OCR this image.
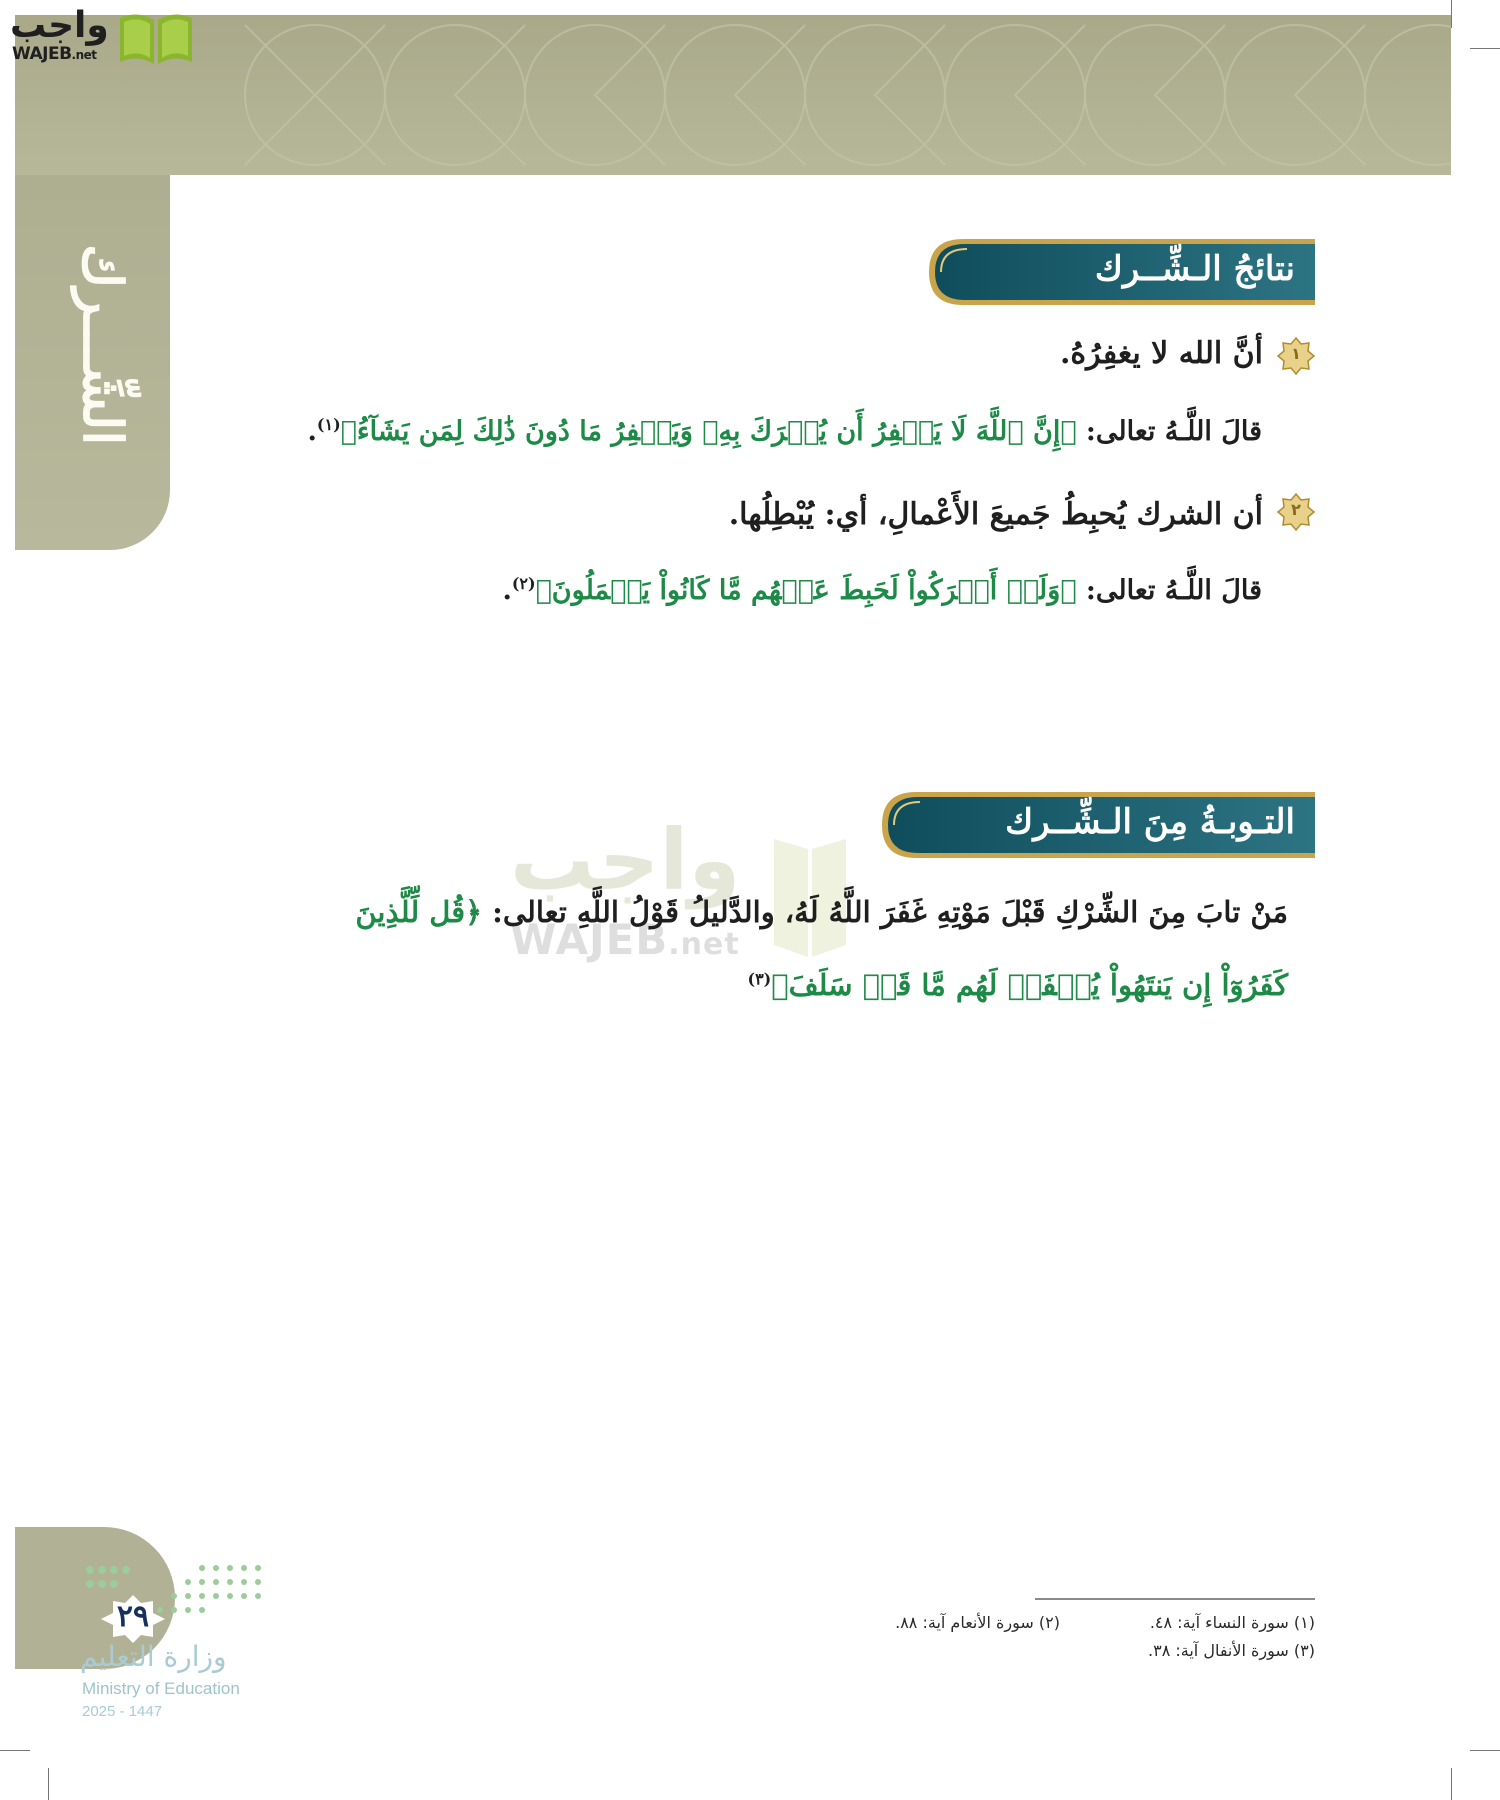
الشِّـــرك
واجب
WAJEB.net
نتائجُ الـشِّــرك
١
أنَّ الله لا يغفِرُهُ.
قالَ اللَّـهُ تعالى: ﴿إِنَّ ٱللَّهَ لَا يَغۡفِرُ أَن يُشۡرَكَ بِهِۦ وَيَغۡفِرُ مَا دُونَ ذَٰلِكَ لِمَن يَشَآءُ﴾$^{(١)}$.
٢
أن الشرك يُحبِطُ جَميعَ الأَعْمالِ، أي: يُبْطِلُها.
قالَ اللَّـهُ تعالى: ﴿وَلَوۡ أَشۡرَكُواْ لَحَبِطَ عَنۡهُم مَّا كَانُواْ يَعۡمَلُونَ﴾$^{(٢)}$.
واجب
WAJEB.net
التـوبـةُ مِنَ الـشِّــرك
مَنْ تابَ مِنَ الشِّرْكِ قَبْلَ مَوْتِهِ غَفَرَ اللَّهُ لَهُ، والدَّليلُ قَوْلُ اللَّهِ تعالى: ﴿قُل لِّلَّذِينَ
كَفَرُوٓاْ إِن يَنتَهُواْ يُغۡفَرۡ لَهُم مَّا قَدۡ سَلَفَ﴾$^{(٣)}$
(١) سورة النساء آية: ٤٨.
(٢) سورة الأنعام آية: ٨٨.
(٣) سورة الأنفال آية: ٣٨.
٢٩
وزارة التعليم
Ministry of Education
2025 - 1447
